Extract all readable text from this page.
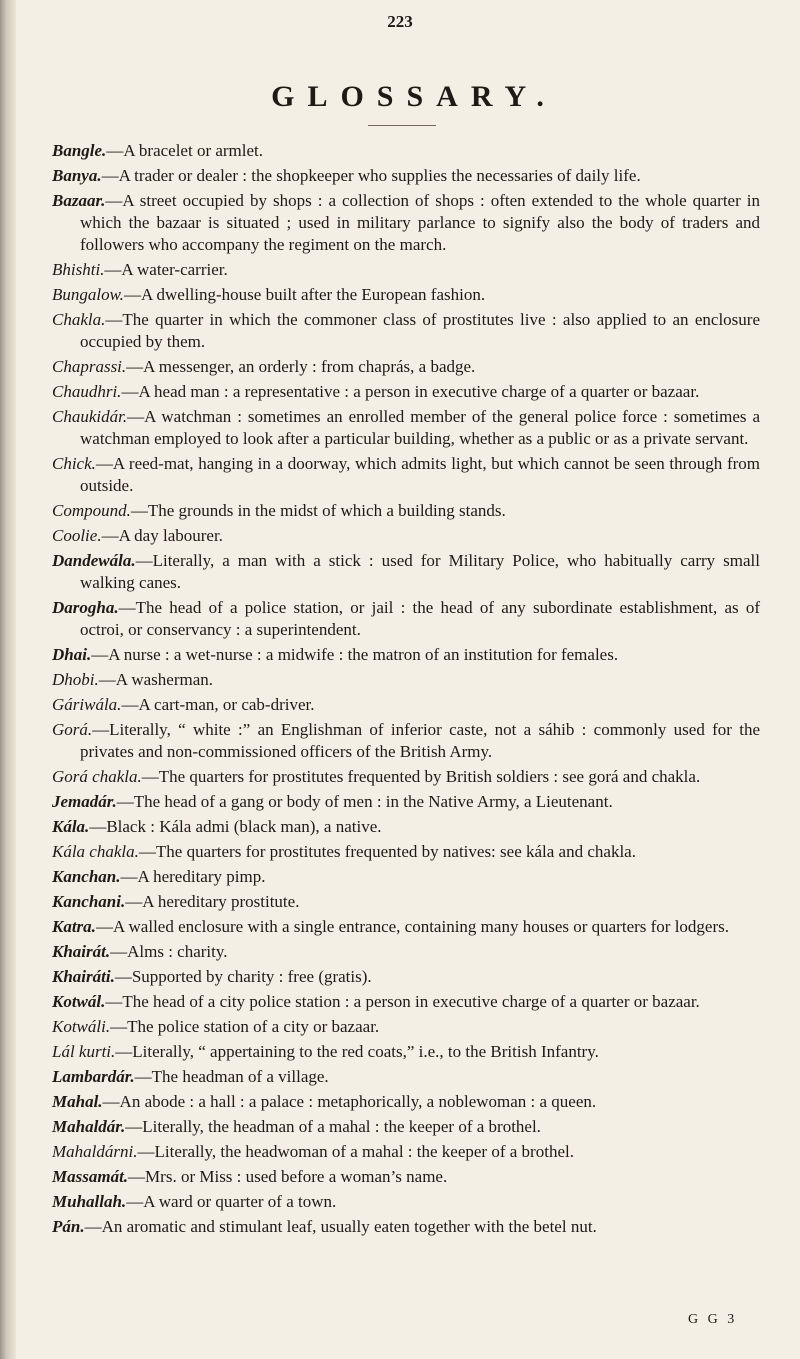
223
GLOSSARY.
Bangle.—A bracelet or armlet.
Banya.—A trader or dealer : the shopkeeper who supplies the necessaries of daily life.
Bazaar.—A street occupied by shops : a collection of shops : often extended to the whole quarter in which the bazaar is situated ; used in military parlance to signify also the body of traders and followers who accompany the regiment on the march.
Bhishti.—A water-carrier.
Bungalow.—A dwelling-house built after the European fashion.
Chakla.—The quarter in which the commoner class of prostitutes live : also applied to an enclosure occupied by them.
Chaprassi.—A messenger, an orderly : from chaprás, a badge.
Chaudhri.—A head man : a representative : a person in executive charge of a quarter or bazaar.
Chaukidár.—A watchman : sometimes an enrolled member of the general police force : sometimes a watchman employed to look after a particular building, whether as a public or as a private servant.
Chick.—A reed-mat, hanging in a doorway, which admits light, but which cannot be seen through from outside.
Compound.—The grounds in the midst of which a building stands.
Coolie.—A day labourer.
Dandewála.—Literally, a man with a stick : used for Military Police, who habitually carry small walking canes.
Darogha.—The head of a police station, or jail : the head of any subordinate establishment, as of octroi, or conservancy : a superintendent.
Dhai.—A nurse : a wet-nurse : a midwife : the matron of an institution for females.
Dhobi.—A washerman.
Gáriwála.—A cart-man, or cab-driver.
Gorá.—Literally, “ white :” an Englishman of inferior caste, not a sáhib : commonly used for the privates and non-commissioned officers of the British Army.
Gorá chakla.—The quarters for prostitutes frequented by British soldiers : see gorá and chakla.
Jemadár.—The head of a gang or body of men : in the Native Army, a Lieutenant.
Kála.—Black : Kála admi (black man), a native.
Kála chakla.—The quarters for prostitutes frequented by natives: see kála and chakla.
Kanchan.—A hereditary pimp.
Kanchani.—A hereditary prostitute.
Katra.—A walled enclosure with a single entrance, containing many houses or quarters for lodgers.
Khairát.—Alms : charity.
Khairáti.—Supported by charity : free (gratis).
Kotwál.—The head of a city police station : a person in executive charge of a quarter or bazaar.
Kotwáli.—The police station of a city or bazaar.
Lál kurti.—Literally, “ appertaining to the red coats,” i.e., to the British Infantry.
Lambardár.—The headman of a village.
Mahal.—An abode : a hall : a palace : metaphorically, a noblewoman : a queen.
Mahaldár.—Literally, the headman of a mahal : the keeper of a brothel.
Mahaldárni.—Literally, the headwoman of a mahal : the keeper of a brothel.
Massamát.—Mrs. or Miss : used before a woman’s name.
Muhallah.—A ward or quarter of a town.
Pán.—An aromatic and stimulant leaf, usually eaten together with the betel nut.
G G 3
